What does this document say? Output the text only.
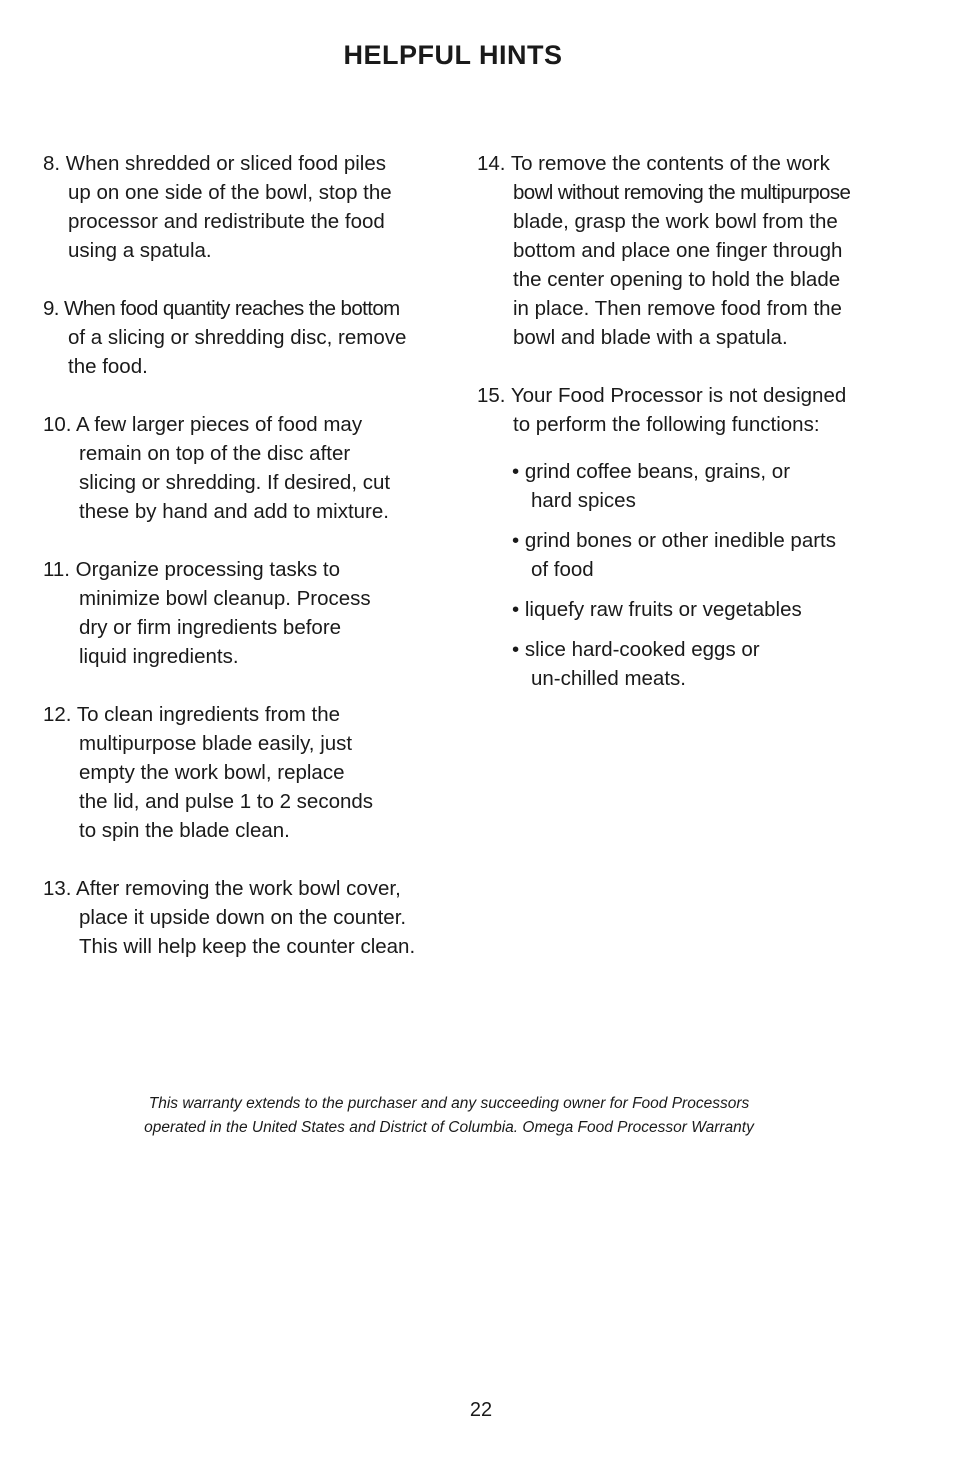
HELPFUL HINTS
8. When shredded or sliced food piles
up on one side of the bowl, stop the
processor and redistribute the food
using a spatula.
9. When food quantity reaches the bottom
of a slicing or shredding disc, remove
the food.
10. A few larger pieces of food may
remain on top of the disc after
slicing or shredding. If desired, cut
these by hand and add to mixture.
11. Organize processing tasks to
minimize bowl cleanup. Process
dry or firm ingredients before
liquid ingredients.
12. To clean ingredients from the
multipurpose blade easily, just
empty the work bowl, replace
the lid, and pulse 1 to 2 seconds
to spin the blade clean.
13. After removing the work bowl cover,
place it upside down on the counter.
This will help keep the counter clean.
14. To remove the contents of the work
bowl without removing the multipurpose
blade, grasp the work bowl from the
bottom and place one finger through
the center opening to hold the blade
in place. Then remove food from the
bowl and blade with a spatula.
15. Your Food Processor is not designed
to perform the following functions:
• grind coffee beans, grains, or
hard spices
• grind bones or other inedible parts
of food
• liquefy raw fruits or vegetables
• slice hard-cooked eggs or
un-chilled meats.
This warranty extends to the purchaser and any succeeding owner for Food Processors
operated in the United States and District of Columbia. Omega Food Processor Warranty
22
